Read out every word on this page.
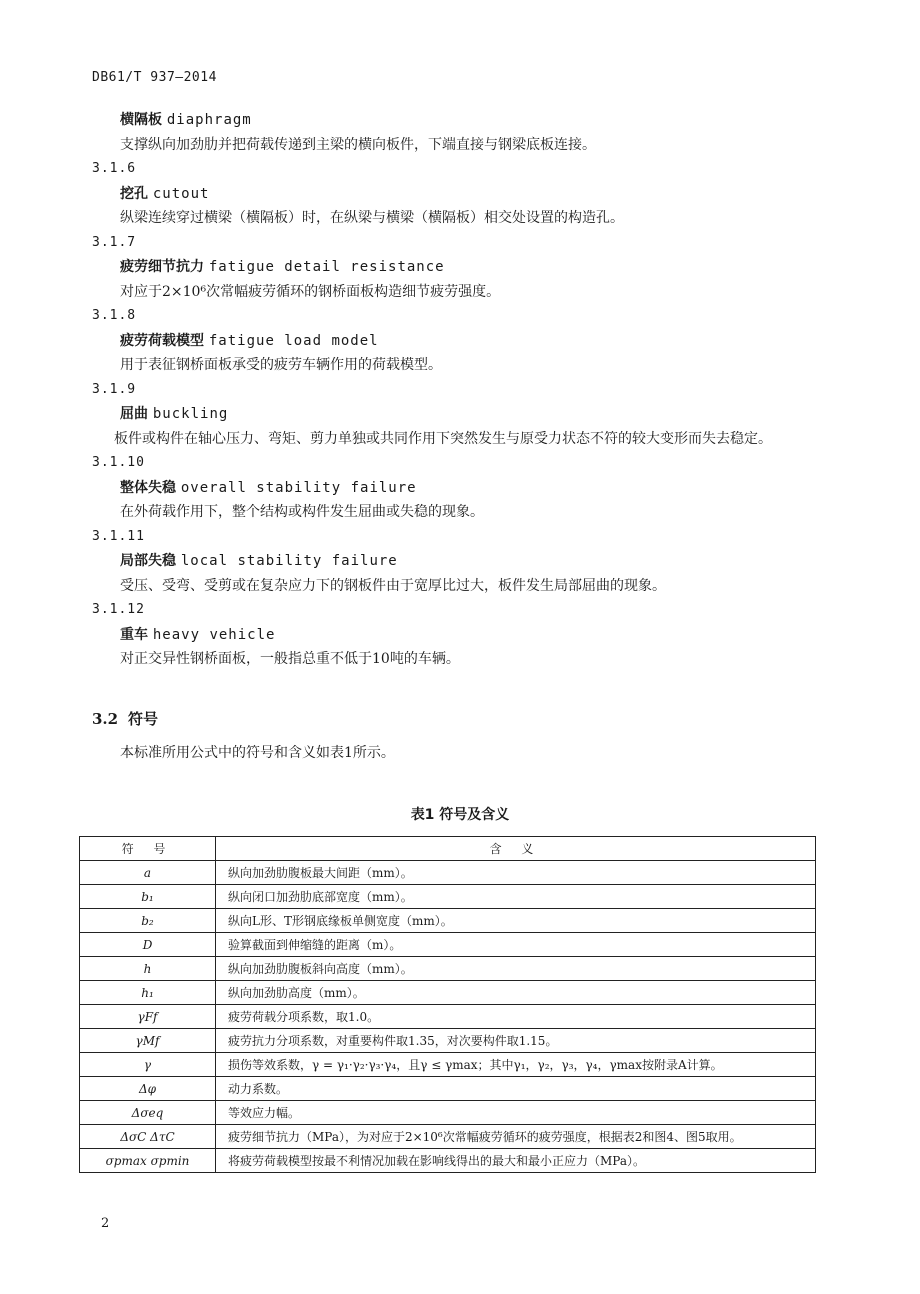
DB61/T 937—2014
横隔板 diaphragm
支撑纵向加劲肋并把荷载传递到主梁的横向板件，下端直接与钢梁底板连接。
3.1.6
挖孔 cutout
纵梁连续穿过横梁（横隔板）时，在纵梁与横梁（横隔板）相交处设置的构造孔。
3.1.7
疲劳细节抗力 fatigue detail resistance
对应于2×10⁶次常幅疲劳循环的钢桥面板构造细节疲劳强度。
3.1.8
疲劳荷载模型 fatigue load model
用于表征钢桥面板承受的疲劳车辆作用的荷载模型。
3.1.9
屈曲 buckling
板件或构件在轴心压力、弯矩、剪力单独或共同作用下突然发生与原受力状态不符的较大变形而失去稳定。
3.1.10
整体失稳 overall stability failure
在外荷载作用下，整个结构或构件发生屈曲或失稳的现象。
3.1.11
局部失稳 local stability failure
受压、受弯、受剪或在复杂应力下的钢板件由于宽厚比过大，板件发生局部屈曲的现象。
3.1.12
重车 heavy vehicle
对正交异性钢桥面板，一般指总重不低于10吨的车辆。
3.2 符号
本标准所用公式中的符号和含义如表1所示。
表1 符号及含义
符 号	含 义
a	纵向加劲肋腹板最大间距（mm）。
b₁	纵向闭口加劲肋底部宽度（mm）。
b₂	纵向L形、T形钢底缘板单侧宽度（mm）。
D	验算截面到伸缩缝的距离（m）。
h	纵向加劲肋腹板斜向高度（mm）。
h₁	纵向加劲肋高度（mm）。
γFf	疲劳荷载分项系数，取1.0。
γMf	疲劳抗力分项系数，对重要构件取1.35，对次要构件取1.15。
γ	损伤等效系数，γ = γ₁·γ₂·γ₃·γ₄，且γ ≤ γmax；其中γ₁，γ₂，γ₃，γ₄，γmax按附录A计算。
Δφ	动力系数。
Δσeq	等效应力幅。
ΔσC ΔτC	疲劳细节抗力（MPa），为对应于2×10⁶次常幅疲劳循环的疲劳强度，根据表2和图4、图5取用。
σpmax σpmin	将疲劳荷载模型按最不利情况加载在影响线得出的最大和最小正应力（MPa）。
2
